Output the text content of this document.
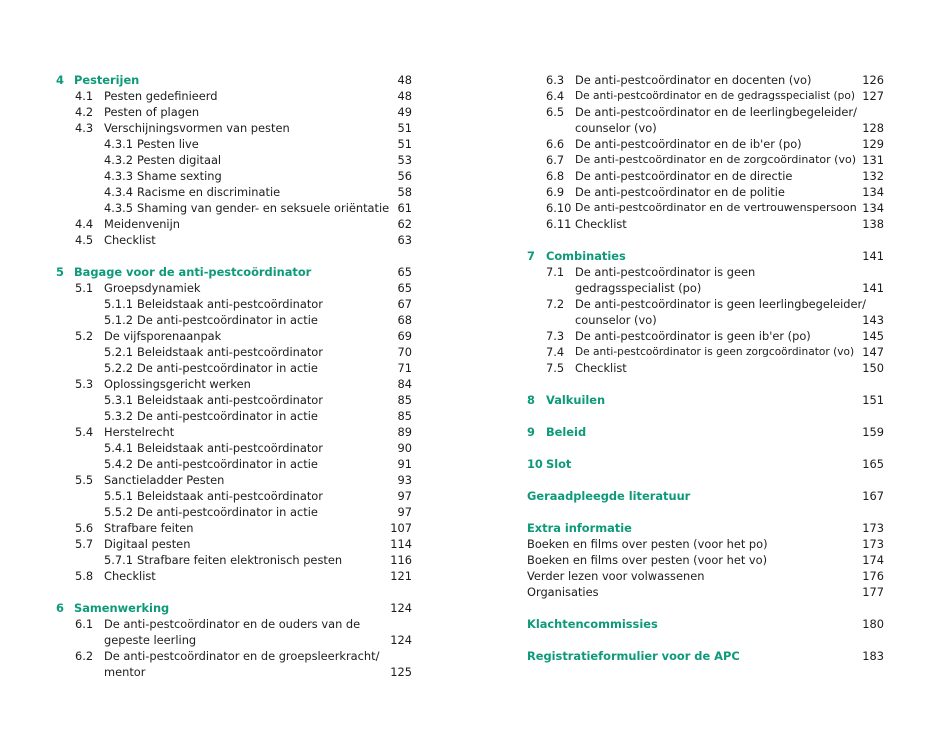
4 Pesterijen	48
4.1 Pesten gedefinieerd	48
4.2 Pesten of plagen	49
4.3 Verschijningsvormen van pesten	51
4.3.1 Pesten live	51
4.3.2 Pesten digitaal	53
4.3.3 Shame sexting	56
4.3.4 Racisme en discriminatie	58
4.3.5 Shaming van gender- en seksuele oriëntatie 61
4.4 Meidenvenijn	62
4.5 Checklist	63
5 Bagage voor de anti-pestcoördinator	65
5.1 Groepsdynamiek	65
5.1.1 Beleidstaak anti-pestcoördinator	67
5.1.2 De anti-pestcoördinator in actie	68
5.2 De vijfsporenaanpak	69
5.2.1 Beleidstaak anti-pestcoördinator	70
5.2.2 De anti-pestcoördinator in actie	71
5.3 Oplossingsgericht werken	84
5.3.1 Beleidstaak anti-pestcoördinator	85
5.3.2 De anti-pestcoördinator in actie	85
5.4 Herstelrecht	89
5.4.1 Beleidstaak anti-pestcoördinator	90
5.4.2 De anti-pestcoördinator in actie	91
5.5 Sanctieladder Pesten	93
5.5.1 Beleidstaak anti-pestcoördinator	97
5.5.2 De anti-pestcoördinator in actie	97
5.6 Strafbare feiten	107
5.7 Digitaal pesten	114
5.7.1 Strafbare feiten elektronisch pesten	116
5.8 Checklist	121
6 Samenwerking	124
6.1 De anti-pestcoördinator en de ouders van de
gepeste leerling	124
6.2 De anti-pestcoördinator en de groepsleerkracht/
mentor	125
6.3 De anti-pestcoördinator en docenten (vo)	126
6.4 De anti-pestcoördinator en de gedragsspecialist (po) 127
6.5 De anti-pestcoördinator en de leerlingbegeleider/
counselor (vo)	128
6.6 De anti-pestcoördinator en de ib'er (po)	129
6.7 De anti-pestcoördinator en de zorgcoördinator (vo) 131
6.8 De anti-pestcoördinator en de directie	132
6.9 De anti-pestcoördinator en de politie	134
6.10 De anti-pestcoördinator en de vertrouwenspersoon 134
6.11 Checklist	138
7 Combinaties	141
7.1 De anti-pestcoördinator is geen
gedragsspecialist (po)	141
7.2 De anti-pestcoördinator is geen leerlingbegeleider/
counselor (vo)	143
7.3 De anti-pestcoördinator is geen ib'er (po)	145
7.4 De anti-pestcoördinator is geen zorgcoördinator (vo) 147
7.5 Checklist	150
8 Valkuilen	151
9 Beleid	159
10 Slot	165
Geraadpleegde literatuur	167
Extra informatie	173
Boeken en films over pesten (voor het po)	173
Boeken en films over pesten (voor het vo)	174
Verder lezen voor volwassenen	176
Organisaties	177
Klachtencommissies	180
Registratieformulier voor de APC	183
